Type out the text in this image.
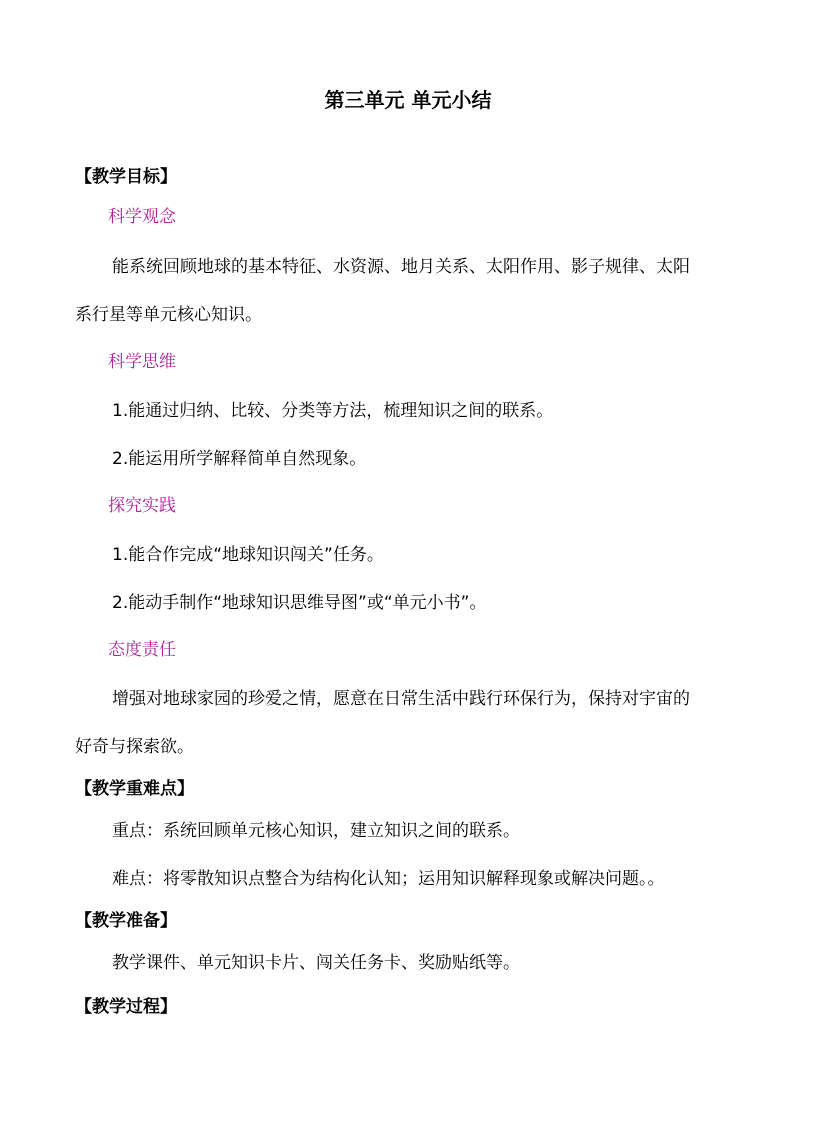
第三单元 单元小结
【教学目标】
科学观念
能系统回顾地球的基本特征、水资源、地月关系、太阳作用、影子规律、太阳
系行星等单元核心知识。
科学思维
1.能通过归纳、比较、分类等方法，梳理知识之间的联系。
2.能运用所学解释简单自然现象。
探究实践
1.能合作完成“地球知识闯关”任务。
2.能动手制作“地球知识思维导图”或“单元小书”。
态度责任
增强对地球家园的珍爱之情，愿意在日常生活中践行环保行为，保持对宇宙的
好奇与探索欲。
【教学重难点】
重点：系统回顾单元核心知识，建立知识之间的联系。
难点：将零散知识点整合为结构化认知；运用知识解释现象或解决问题。。
【教学准备】
教学课件、单元知识卡片、闯关任务卡、奖励贴纸等。
【教学过程】
